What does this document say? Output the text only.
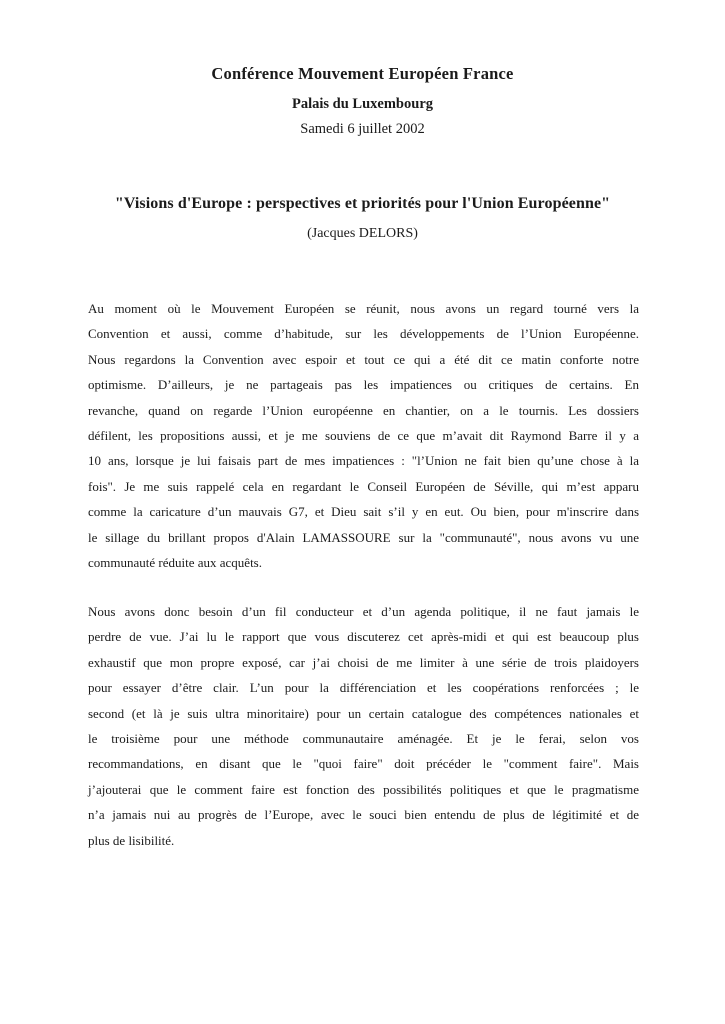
Conférence Mouvement Européen France
Palais du Luxembourg
Samedi 6 juillet 2002
"Visions d'Europe : perspectives et priorités pour l'Union Européenne"
(Jacques DELORS)
Au moment où le Mouvement Européen se réunit, nous avons un regard tourné vers la
Convention et aussi, comme d’habitude, sur les développements de l’Union Européenne.
Nous regardons la Convention avec espoir et tout ce qui a été dit ce matin conforte notre
optimisme. D’ailleurs, je ne partageais pas les impatiences ou critiques de certains. En
revanche, quand on regarde l’Union européenne en chantier, on a le tournis. Les dossiers
défilent, les propositions aussi, et je me souviens de ce que m’avait dit Raymond Barre il y a
10 ans, lorsque je lui faisais part de mes impatiences : "l’Union ne fait bien qu’une chose à la
fois". Je me suis rappelé cela en regardant le Conseil Européen de Séville, qui m’est apparu
comme la caricature d’un mauvais G7, et Dieu sait s’il y en eut. Ou bien, pour m'inscrire dans
le sillage du brillant propos d'Alain LAMASSOURE sur la "communauté", nous avons vu une
communauté réduite aux acquêts.
Nous avons donc besoin d’un fil conducteur et d’un agenda politique, il ne faut jamais le
perdre de vue. J’ai lu le rapport que vous discuterez cet après-midi et qui est beaucoup plus
exhaustif que mon propre exposé, car j’ai choisi de me limiter à une série de trois plaidoyers
pour essayer d’être clair. L’un pour la différenciation et les coopérations renforcées ; le
second (et là je suis ultra minoritaire) pour un certain catalogue des compétences nationales et
le troisième pour une méthode communautaire aménagée. Et je le ferai, selon vos
recommandations, en disant que le "quoi faire" doit précéder le "comment faire". Mais
j’ajouterai que le comment faire est fonction des possibilités politiques et que le pragmatisme
n’a jamais nui au progrès de l’Europe, avec le souci bien entendu de plus de légitimité et de
plus de lisibilité.
